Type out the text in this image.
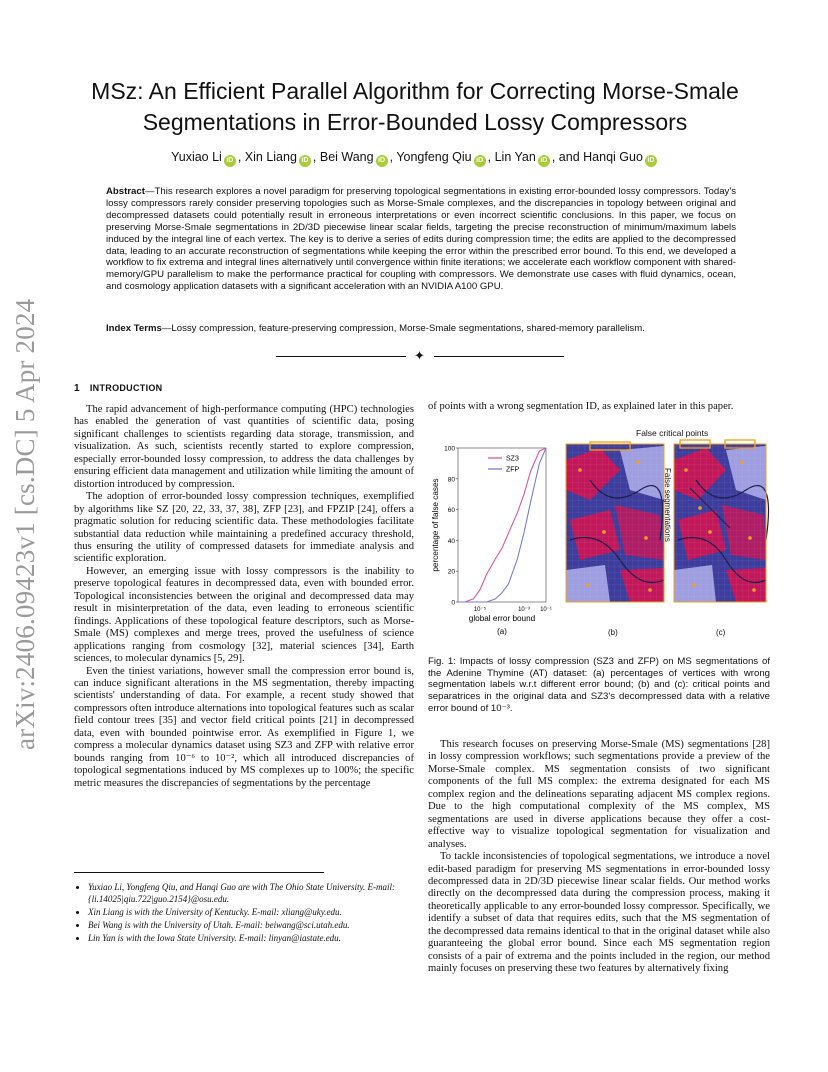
arXiv:2406.09423v1 [cs.DC] 5 Apr 2024
MSz: An Efficient Parallel Algorithm for Correcting Morse-Smale Segmentations in Error-Bounded Lossy Compressors
Yuxiao Li iD , Xin Liang iD , Bei Wang iD , Yongfeng Qiu iD , Lin Yan iD , and Hanqi Guo iD
Abstract—This research explores a novel paradigm for preserving topological segmentations in existing error-bounded lossy compressors. Today's lossy compressors rarely consider preserving topologies such as Morse-Smale complexes, and the discrepancies in topology between original and decompressed datasets could potentially result in erroneous interpretations or even incorrect scientific conclusions. In this paper, we focus on preserving Morse-Smale segmentations in 2D/3D piecewise linear scalar fields, targeting the precise reconstruction of minimum/maximum labels induced by the integral line of each vertex. The key is to derive a series of edits during compression time; the edits are applied to the decompressed data, leading to an accurate reconstruction of segmentations while keeping the error within the prescribed error bound. To this end, we developed a workflow to fix extrema and integral lines alternatively until convergence within finite iterations; we accelerate each workflow component with shared-memory/GPU parallelism to make the performance practical for coupling with compressors. We demonstrate use cases with fluid dynamics, ocean, and cosmology application datasets with a significant acceleration with an NVIDIA A100 GPU.
Index Terms—Lossy compression, feature-preserving compression, Morse-Smale segmentations, shared-memory parallelism.
✦
1 INTRODUCTION

The rapid advancement of high-performance computing (HPC) technologies has enabled the generation of vast quantities of scientific data, posing significant challenges to scientists regarding data storage, transmission, and visualization. As such, scientists recently started to explore compression, especially error-bounded lossy compression, to address the data challenges by ensuring efficient data management and utilization while limiting the amount of distortion introduced by compression.

The adoption of error-bounded lossy compression techniques, exemplified by algorithms like SZ [20, 22, 33, 37, 38], ZFP [23], and FPZIP [24], offers a pragmatic solution for reducing scientific data. These methodologies facilitate substantial data reduction while maintaining a predefined accuracy threshold, thus ensuring the utility of compressed datasets for immediate analysis and scientific exploration.

However, an emerging issue with lossy compressors is the inability to preserve topological features in decompressed data, even with bounded error. Topological inconsistencies between the original and decompressed data may result in misinterpretation of the data, even leading to erroneous scientific findings. Applications of these topological feature descriptors, such as Morse-Smale (MS) complexes and merge trees, proved the usefulness of science applications ranging from cosmology [32], material sciences [34], Earth sciences, to molecular dynamics [5, 29].

Even the tiniest variations, however small the compression error bound is, can induce significant alterations in the MS segmentation, thereby impacting scientists' understanding of data. For example, a recent study showed that compressors often introduce alternations into topological features such as scalar field contour trees [35] and vector field critical points [21] in decompressed data, even with bounded pointwise error. As exemplified in Figure 1, we compress a molecular dynamics dataset using SZ3 and ZFP with relative error bounds ranging from 10⁻⁶ to 10⁻², which all introduced discrepancies of topological segmentations induced by MS complexes up to 100%; the specific metric measures the discrepancies of segmentations by the percentage

• Yuxiao Li, Yongfeng Qiu, and Hanqi Guo are with The Ohio State University. E-mail: {li.14025|qiu.722|guo.2154}@osu.edu.
• Xin Liang is with the University of Kentucky. E-mail: xliang@uky.edu.
• Bei Wang is with the University of Utah. E-mail: beiwang@sci.utah.edu.
• Lin Yan is with the Iowa State University. E-mail: linyan@iastate.edu.

of points with a wrong segmentation ID, as explained later in this paper.

0
20
40
60
80
100
10⁻⁵	10⁻³ 10⁻¹
global error bound
percentage of false cases
SZ3
ZFP
(a)	(b)
False critical points
False segmentations
(c)
Fig. 1: Impacts of lossy compression (SZ3 and ZFP) on MS segmentations of the Adenine Thymine (AT) dataset: (a) percentages of vertices with wrong segmentation labels w.r.t different error bound; (b) and (c): critical points and separatrices in the original data and SZ3's decompressed data with a relative error bound of 10⁻³.

This research focuses on preserving Morse-Smale (MS) segmentations [28] in lossy compression workflows; such segmentations provide a preview of the Morse-Smale complex. MS segmentation consists of two significant components of the full MS complex: the extrema designated for each MS complex region and the delineations separating adjacent MS complex regions. Due to the high computational complexity of the MS complex, MS segmentations are used in diverse applications because they offer a cost-effective way to visualize topological segmentation for visualization and analyses.

To tackle inconsistencies of topological segmentations, we introduce a novel edit-based paradigm for preserving MS segmentations in error-bounded lossy decompressed data in 2D/3D piecewise linear scalar fields. Our method works directly on the decompressed data during the compression process, making it theoretically applicable to any error-bounded lossy compressor. Specifically, we identify a subset of data that requires edits, such that the MS segmentation of the decompressed data remains identical to that in the original dataset while also guaranteeing the global error bound. Since each MS segmentation region consists of a pair of extrema and the points included in the region, our method mainly focuses on preserving these two features by alternatively fixing
